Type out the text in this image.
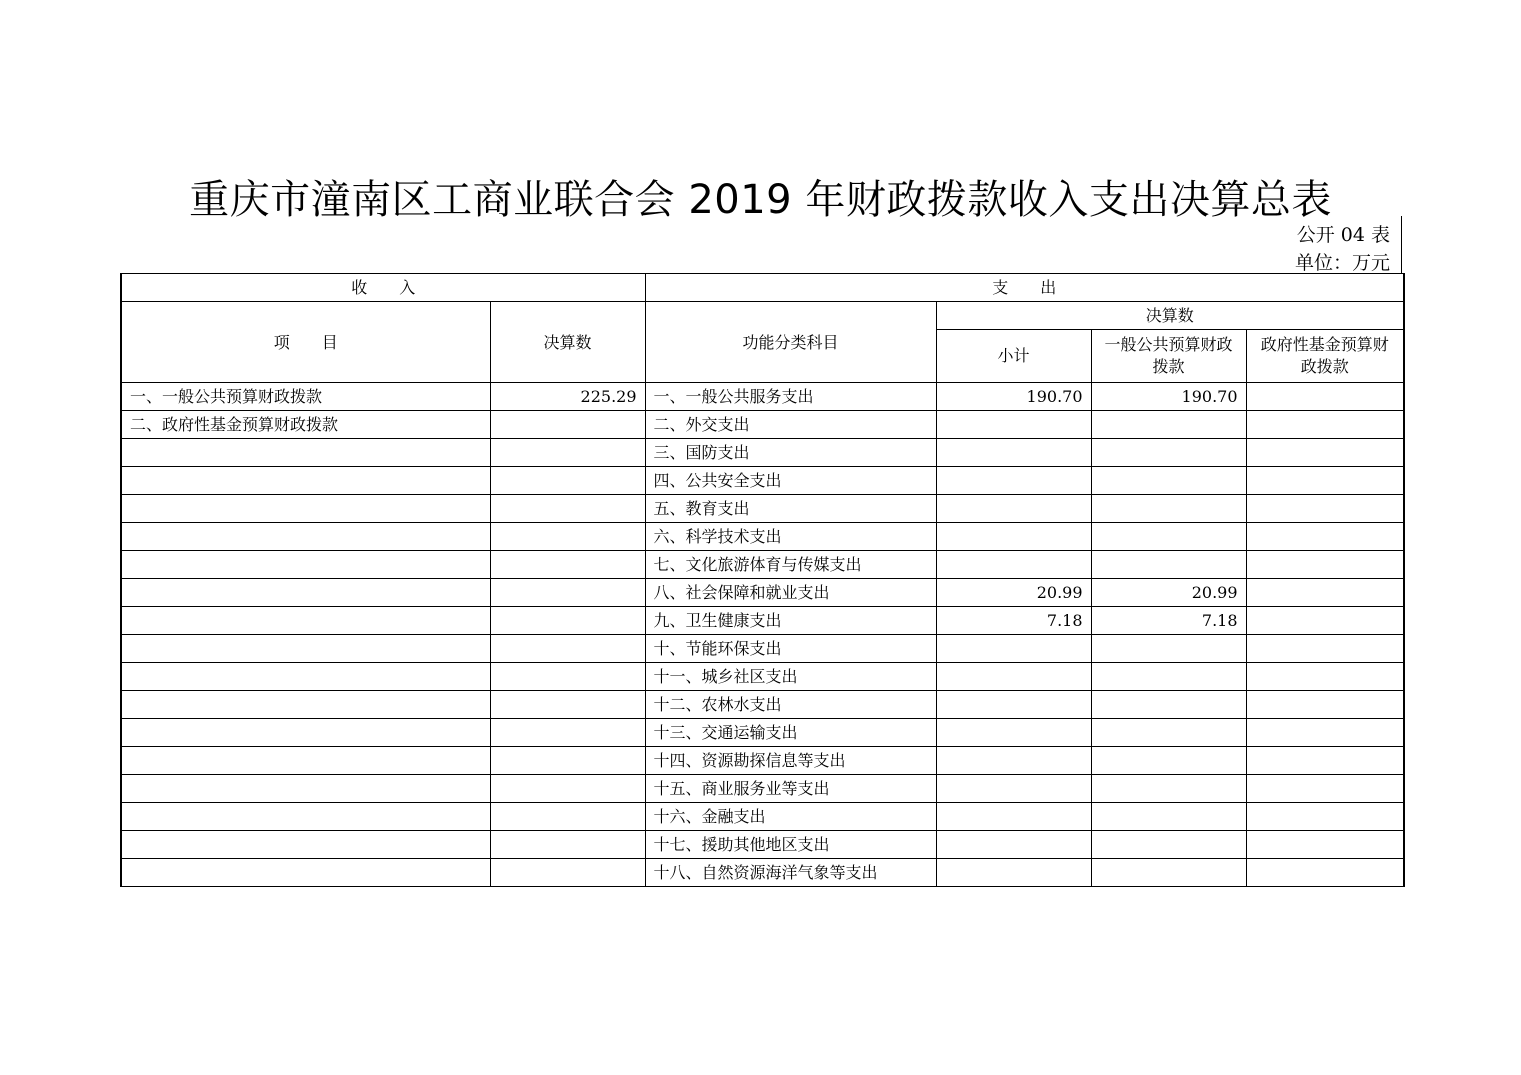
重庆市潼南区工商业联合会 2019 年财政拨款收入支出决算总表
公开 04 表
单位：万元
收　　入		支　　出			
项　　目	决算数	功能分类科目	决算数		
			小计	一般公共预算财政拨款	政府性基金预算财政拨款
一、一般公共预算财政拨款	225.29	一、一般公共服务支出	190.70	190.70	
二、政府性基金预算财政拨款		二、外交支出			
		三、国防支出			
		四、公共安全支出			
		五、教育支出			
		六、科学技术支出			
		七、文化旅游体育与传媒支出			
		八、社会保障和就业支出	20.99	20.99	
		九、卫生健康支出	7.18	7.18	
		十、节能环保支出			
		十一、城乡社区支出			
		十二、农林水支出			
		十三、交通运输支出			
		十四、资源勘探信息等支出			
		十五、商业服务业等支出			
		十六、金融支出			
		十七、援助其他地区支出			
		十八、自然资源海洋气象等支出			
